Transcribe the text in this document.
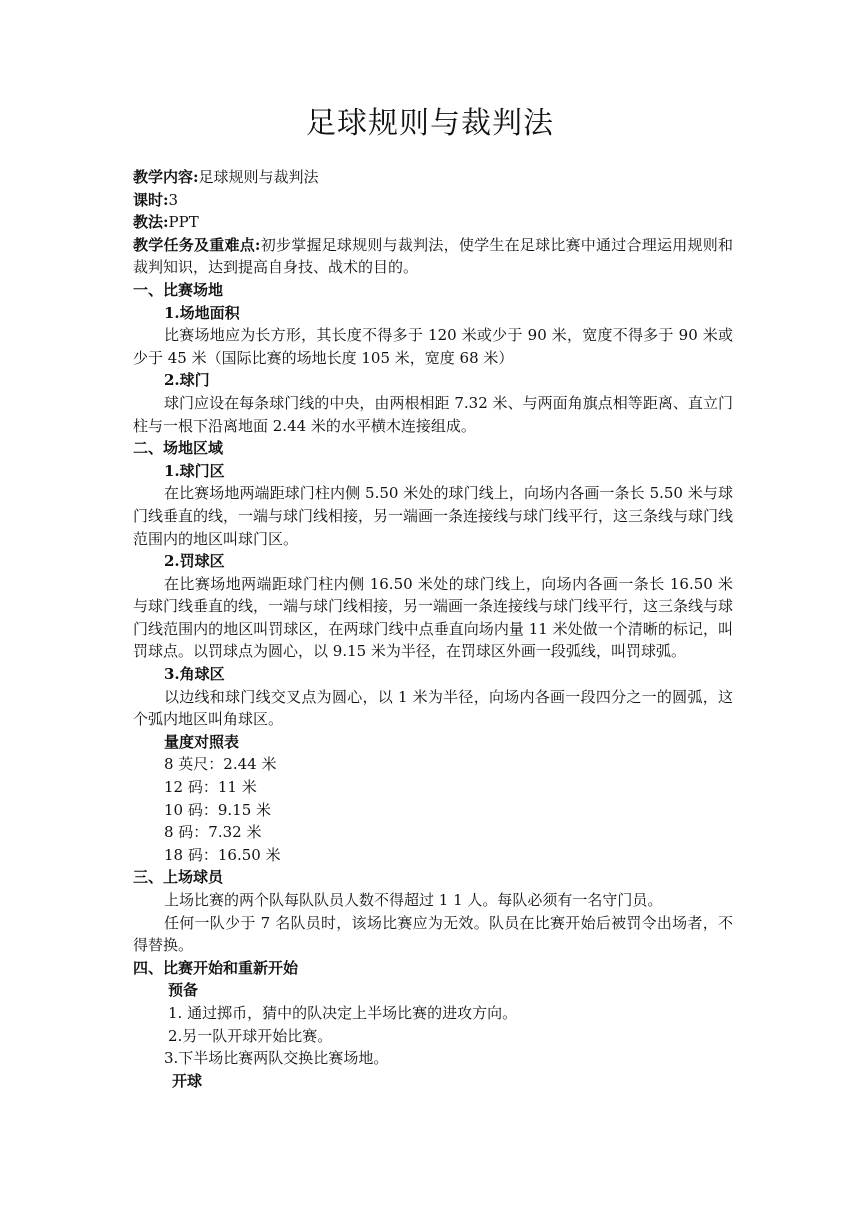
足球规则与裁判法
教学内容:足球规则与裁判法
课时:3
教法:PPT
教学任务及重难点:初步掌握足球规则与裁判法，使学生在足球比赛中通过合理运用规则和裁判知识，达到提高自身技、战术的目的。
一、比赛场地
1.场地面积
比赛场地应为长方形，其长度不得多于 120 米或少于 90 米，宽度不得多于 90 米或少于 45 米（国际比赛的场地长度 105 米，宽度 68 米）
2.球门
球门应设在每条球门线的中央，由两根相距 7.32 米、与两面角旗点相等距离、直立门柱与一根下沿离地面 2.44 米的水平横木连接组成。
二、场地区域
1.球门区
在比赛场地两端距球门柱内侧 5.50 米处的球门线上，向场内各画一条长 5.50 米与球门线垂直的线，一端与球门线相接，另一端画一条连接线与球门线平行，这三条线与球门线范围内的地区叫球门区。
2.罚球区
在比赛场地两端距球门柱内侧 16.50 米处的球门线上，向场内各画一条长 16.50 米与球门线垂直的线，一端与球门线相接，另一端画一条连接线与球门线平行，这三条线与球门线范围内的地区叫罚球区，在两球门线中点垂直向场内量 11 米处做一个清晰的标记，叫罚球点。以罚球点为圆心，以 9.15 米为半径，在罚球区外画一段弧线，叫罚球弧。
3.角球区
以边线和球门线交叉点为圆心，以 1 米为半径，向场内各画一段四分之一的圆弧，这个弧内地区叫角球区。
量度对照表
8 英尺：2.44 米
12 码：11 米
10 码：9.15 米
8 码：7.32 米
18 码：16.50 米
三、上场球员
上场比赛的两个队每队队员人数不得超过 1 1 人。每队必须有一名守门员。
任何一队少于 7 名队员时，该场比赛应为无效。队员在比赛开始后被罚令出场者，不得替换。
四、比赛开始和重新开始
预备
1. 通过掷币，猜中的队决定上半场比赛的进攻方向。
2.另一队开球开始比赛。
3.下半场比赛两队交换比赛场地。
开球
